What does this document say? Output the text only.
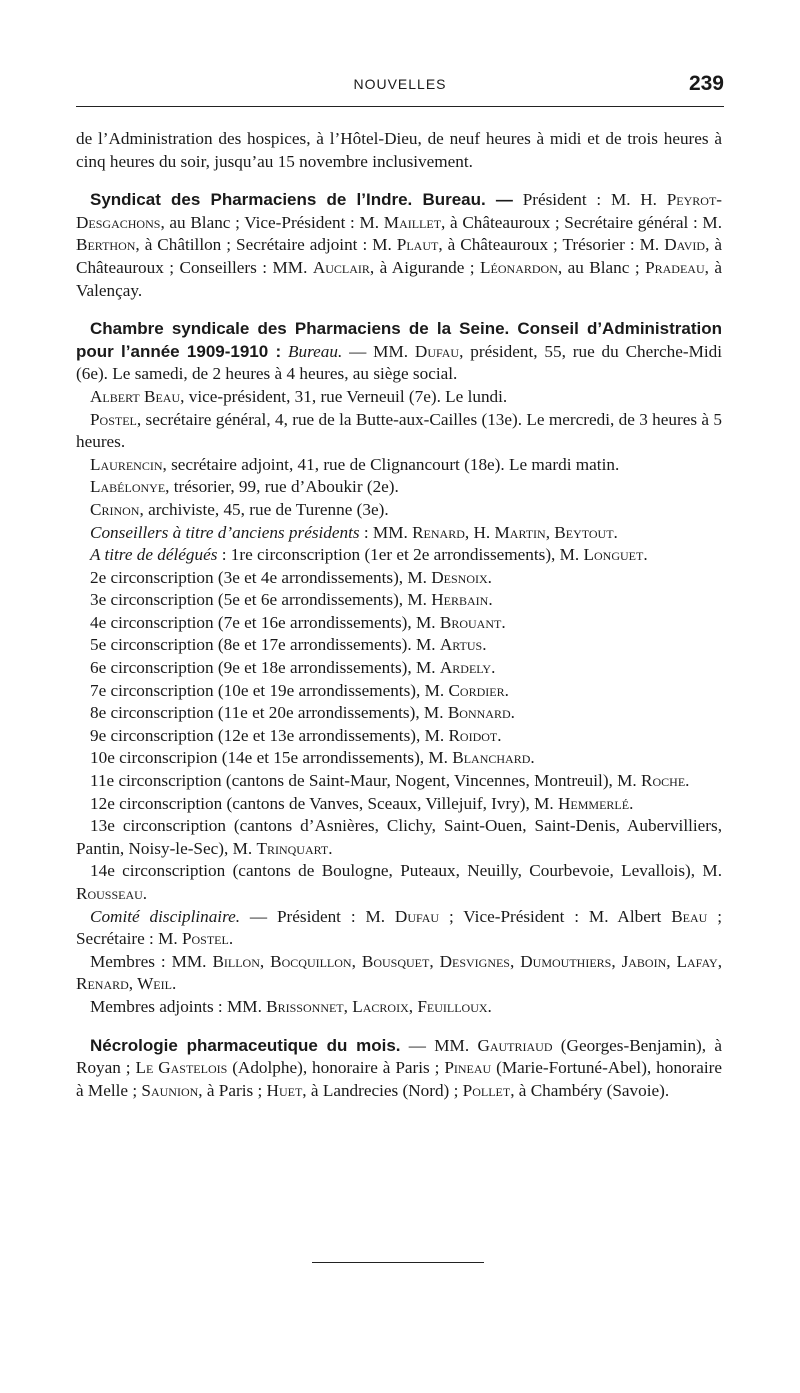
NOUVELLES	239

de l’Administration des hospices, à l’Hôtel-Dieu, de neuf heures à midi et de trois heures à cinq heures du soir, jusqu’au 15 novembre inclusivement.

Syndicat des Pharmaciens de l’Indre. Bureau. — Président : M. H. Peyrot-Desgachons, au Blanc ; Vice-Président : M. Maillet, à Châteauroux ; Secrétaire général : M. Berthon, à Châtillon ; Secrétaire adjoint : M. Plaut, à Châteauroux ; Trésorier : M. David, à Châteauroux ; Conseillers : MM. Auclair, à Aigurande ; Léonardon, au Blanc ; Pradeau, à Valençay.

Chambre syndicale des Pharmaciens de la Seine. Conseil d’Administration pour l’année 1909-1910 : Bureau. — MM. Dufau, président, 55, rue du Cherche-Midi (6e). Le samedi, de 2 heures à 4 heures, au siège social.

Albert Beau, vice-président, 31, rue Verneuil (7e). Le lundi.

Postel, secrétaire général, 4, rue de la Butte-aux-Cailles (13e). Le mercredi, de 3 heures à 5 heures.

Laurencin, secrétaire adjoint, 41, rue de Clignancourt (18e). Le mardi matin.

Labélonye, trésorier, 99, rue d’Aboukir (2e).

Crinon, archiviste, 45, rue de Turenne (3e).

Conseillers à titre d’anciens présidents : MM. Renard, H. Martin, Beytout.

A titre de délégués : 1re circonscription (1er et 2e arrondissements), M. Longuet.

2e circonscription (3e et 4e arrondissements), M. Desnoix.

3e circonscription (5e et 6e arrondissements), M. Herbain.

4e circonscription (7e et 16e arrondissements), M. Brouant.

5e circonscription (8e et 17e arrondissements). M. Artus.

6e circonscription (9e et 18e arrondissements), M. Ardely.

7e circonscription (10e et 19e arrondissements), M. Cordier.

8e circonscription (11e et 20e arrondissements), M. Bonnard.

9e circonscription (12e et 13e arrondissements), M. Roidot.

10e circonscripion (14e et 15e arrondissements), M. Blanchard.

11e circonscription (cantons de Saint-Maur, Nogent, Vincennes, Montreuil), M. Roche.

12e circonscription (cantons de Vanves, Sceaux, Villejuif, Ivry), M. Hemmerlé.

13e circonscription (cantons d’Asnières, Clichy, Saint-Ouen, Saint-Denis, Aubervilliers, Pantin, Noisy-le-Sec), M. Trinquart.

14e circonscription (cantons de Boulogne, Puteaux, Neuilly, Courbevoie, Levallois), M. Rousseau.

Comité disciplinaire. — Président : M. Dufau ; Vice-Président : M. Albert Beau ; Secrétaire : M. Postel.

Membres : MM. Billon, Bocquillon, Bousquet, Desvignes, Dumouthiers, Jaboin, Lafay, Renard, Weil.

Membres adjoints : MM. Brissonnet, Lacroix, Feuilloux.

Nécrologie pharmaceutique du mois. — MM. Gautriaud (Georges-Benjamin), à Royan ; Le Gastelois (Adolphe), honoraire à Paris ; Pineau (Marie-Fortuné-Abel), honoraire à Melle ; Saunion, à Paris ; Huet, à Landrecies (Nord) ; Pollet, à Chambéry (Savoie).
